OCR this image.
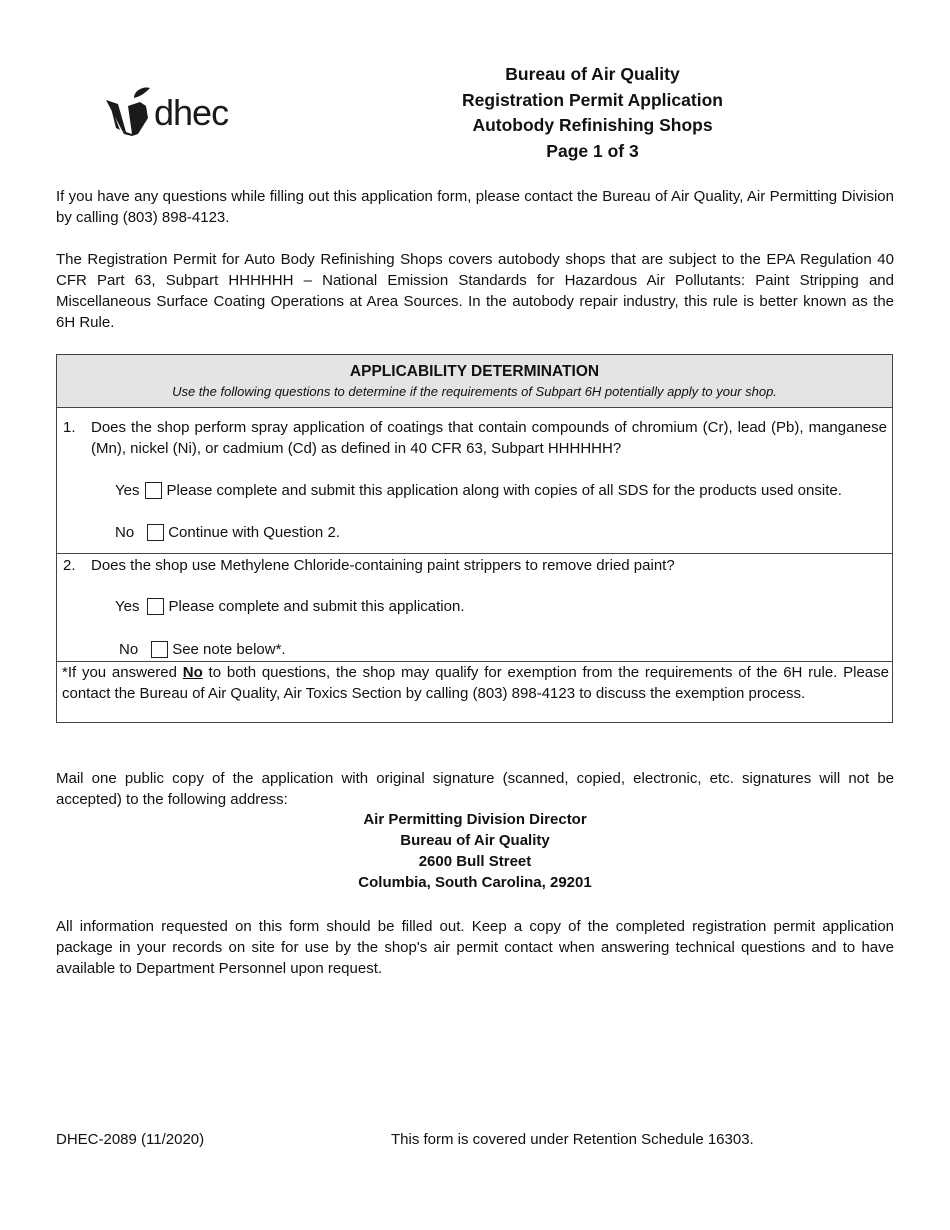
dhec
Bureau of Air Quality
Registration Permit Application
Autobody Refinishing Shops
Page 1 of 3
If you have any questions while filling out this application form, please contact the Bureau of Air Quality, Air Permitting Division by calling (803) 898-4123.
The Registration Permit for Auto Body Refinishing Shops covers autobody shops that are subject to the EPA Regulation 40 CFR Part 63, Subpart HHHHHH – National Emission Standards for Hazardous Air Pollutants: Paint Stripping and Miscellaneous Surface Coating Operations at Area Sources. In the autobody repair industry, this rule is better known as the 6H Rule.
APPLICABILITY DETERMINATION
Use the following questions to determine if the requirements of Subpart 6H potentially apply to your shop.
1. Does the shop perform spray application of coatings that contain compounds of chromium (Cr), lead (Pb), manganese (Mn), nickel (Ni), or cadmium (Cd) as defined in 40 CFR 63, Subpart HHHHHH?
Yes Please complete and submit this application along with copies of all SDS for the products used onsite.
No Continue with Question 2.
2. Does the shop use Methylene Chloride-containing paint strippers to remove dried paint?
Yes Please complete and submit this application.
No See note below*.
*If you answered No to both questions, the shop may qualify for exemption from the requirements of the 6H rule. Please contact the Bureau of Air Quality, Air Toxics Section by calling (803) 898-4123 to discuss the exemption process.
Mail one public copy of the application with original signature (scanned, copied, electronic, etc. signatures will not be accepted) to the following address:
Air Permitting Division Director
Bureau of Air Quality
2600 Bull Street
Columbia, South Carolina, 29201
All information requested on this form should be filled out. Keep a copy of the completed registration permit application package in your records on site for use by the shop's air permit contact when answering technical questions and to have available to Department Personnel upon request.
DHEC-2089 (11/2020)	This form is covered under Retention Schedule 16303.
